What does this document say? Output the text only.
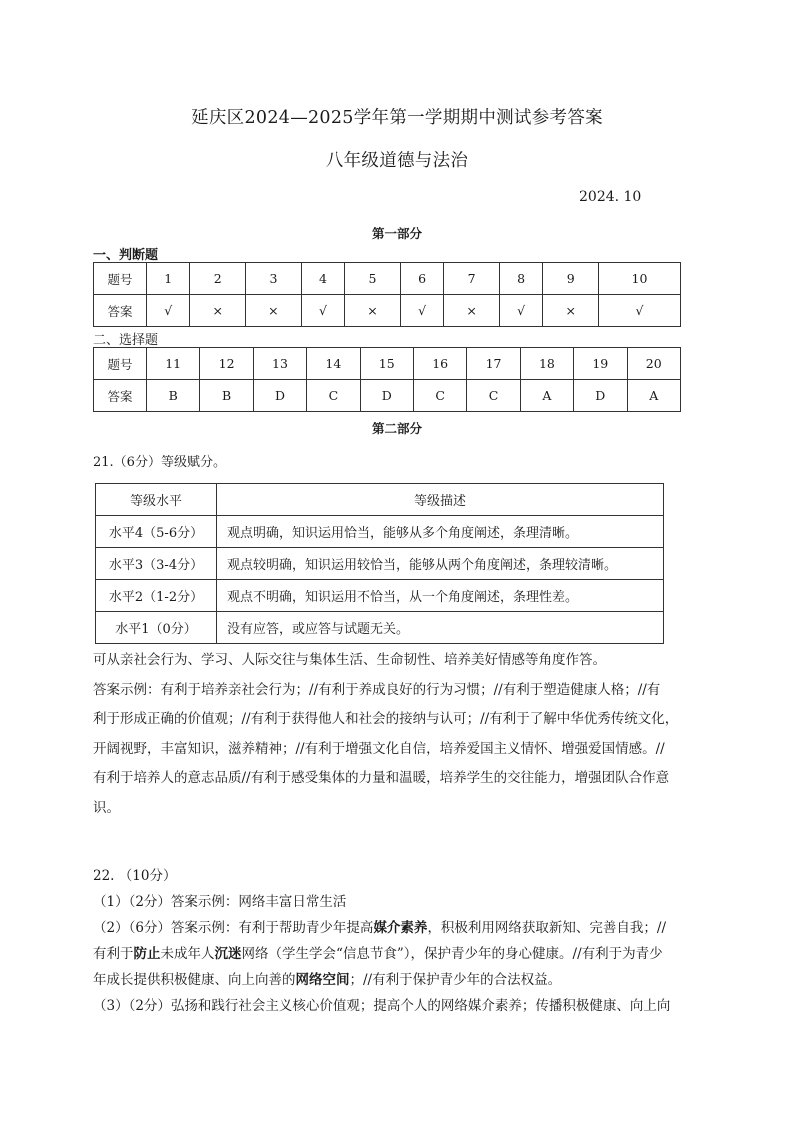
延庆区2024—2025学年第一学期期中测试参考答案
八年级道德与法治
2024. 10
第一部分
一、判断题
题号	1	2	3	4	5	6	7	8	9	10
答案	√	×	×	√	×	√	×	√	×	√
二、选择题
题号	11	12	13	14	15	16	17	18	19	20
答案	B	B	D	C	D	C	C	A	D	A
第二部分
21.（6分）等级赋分。
等级水平	等级描述
水平4（5-6分）	观点明确，知识运用恰当，能够从多个角度阐述，条理清晰。
水平3（3-4分）	观点较明确，知识运用较恰当，能够从两个角度阐述，条理较清晰。
水平2（1-2分）	观点不明确，知识运用不恰当，从一个角度阐述，条理性差。
水平1（0分）	没有应答，或应答与试题无关。
可从亲社会行为、学习、人际交往与集体生活、生命韧性、培养美好情感等角度作答。
答案示例：有利于培养亲社会行为；//有利于养成良好的行为习惯；//有利于塑造健康人格；//有
利于形成正确的价值观；//有利于获得他人和社会的接纳与认可；//有利于了解中华优秀传统文化，
开阔视野，丰富知识，滋养精神；//有利于增强文化自信，培养爱国主义情怀、增强爱国情感。//
有利于培养人的意志品质//有利于感受集体的力量和温暖，培养学生的交往能力，增强团队合作意
识。
22. （10分）
（1）（2分）答案示例：网络丰富日常生活
（2）（6分）答案示例：有利于帮助青少年提高媒介素养，积极利用网络获取新知、完善自我；//
有利于防止未成年人沉迷网络（学生学会“信息节食”），保护青少年的身心健康。//有利于为青少
年成长提供积极健康、向上向善的网络空间；//有利于保护青少年的合法权益。
（3）（2分）弘扬和践行社会主义核心价值观；提高个人的网络媒介素养；传播积极健康、向上向
